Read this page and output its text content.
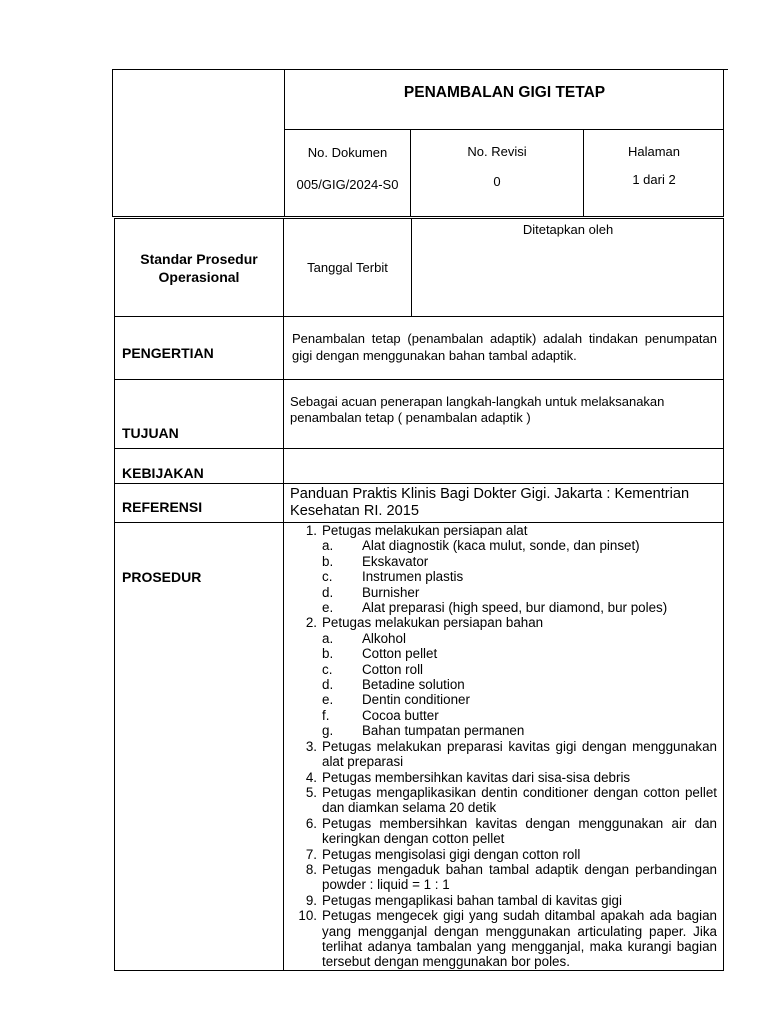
PENAMBALAN GIGI TETAP
No. Dokumen
005/GIG/2024-S0
No. Revisi
0
Halaman
1 dari 2
Standar Prosedur Operasional
Tanggal Terbit
Ditetapkan oleh
PENGERTIAN
Penambalan tetap (penambalan adaptik) adalah tindakan penumpatan gigi dengan menggunakan bahan tambal adaptik.
TUJUAN
Sebagai acuan penerapan langkah-langkah untuk melaksanakan penambalan tetap ( penambalan adaptik )
KEBIJAKAN
REFERENSI
Panduan Praktis Klinis Bagi Dokter Gigi. Jakarta : Kementrian Kesehatan RI. 2015
PROSEDUR
1. Petugas melakukan persiapan alat
a. Alat diagnostik (kaca mulut, sonde, dan pinset)
b. Ekskavator
c. Instrumen plastis
d. Burnisher
e. Alat preparasi (high speed, bur diamond, bur poles)
2. Petugas melakukan persiapan bahan
a. Alkohol
b. Cotton pellet
c. Cotton roll
d. Betadine solution
e. Dentin conditioner
f. Cocoa butter
g. Bahan tumpatan permanen
3. Petugas melakukan preparasi kavitas gigi dengan menggunakan alat preparasi
4. Petugas membersihkan kavitas dari sisa-sisa debris
5. Petugas mengaplikasikan dentin conditioner dengan cotton pellet dan diamkan selama 20 detik
6. Petugas membersihkan kavitas dengan menggunakan air dan keringkan dengan cotton pellet
7. Petugas mengisolasi gigi dengan cotton roll
8. Petugas mengaduk bahan tambal adaptik dengan perbandingan powder : liquid = 1 : 1
9. Petugas mengaplikasi bahan tambal di kavitas gigi
10. Petugas mengecek gigi yang sudah ditambal apakah ada bagian yang mengganjal dengan menggunakan articulating paper. Jika terlihat adanya tambalan yang mengganjal, maka kurangi bagian tersebut dengan menggunakan bor poles.
